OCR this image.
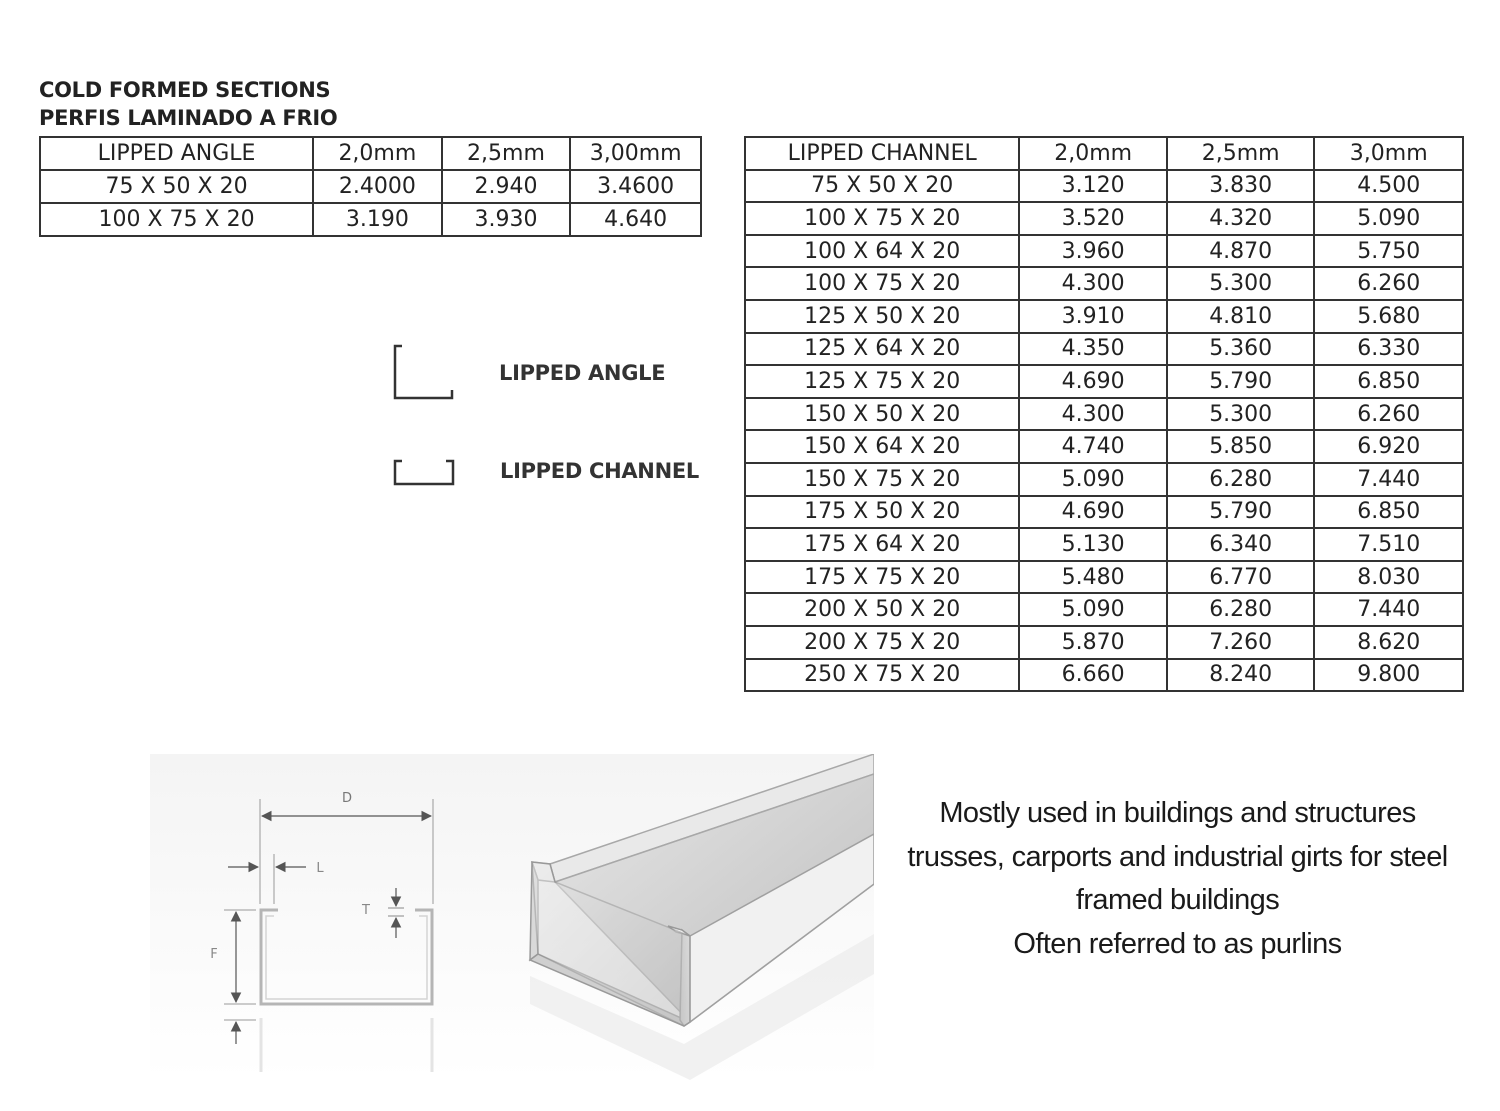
COLD FORMED SECTIONS
PERFIS LAMINADO A FRIO
LIPPED ANGLE	2,0mm	2,5mm	3,00mm
75 X 50 X 20	2.4000	2.940	3.4600
100 X 75 X 20	3.190	3.930	4.640
LIPPED CHANNEL	2,0mm	2,5mm	3,0mm
75 X 50 X 20	3.120	3.830	4.500
100 X 75 X 20	3.520	4.320	5.090
100 X 64 X 20	3.960	4.870	5.750
100 X 75 X 20	4.300	5.300	6.260
125 X 50 X 20	3.910	4.810	5.680
125 X 64 X 20	4.350	5.360	6.330
125 X 75 X 20	4.690	5.790	6.850
150 X 50 X 20	4.300	5.300	6.260
150 X 64 X 20	4.740	5.850	6.920
150 X 75 X 20	5.090	6.280	7.440
175 X 50 X 20	4.690	5.790	6.850
175 X 64 X 20	5.130	6.340	7.510
175 X 75 X 20	5.480	6.770	8.030
200 X 50 X 20	5.090	6.280	7.440
200 X 75 X 20	5.870	7.260	8.620
250 X 75 X 20	6.660	8.240	9.800
LIPPED ANGLE
LIPPED CHANNEL
D
L
T
F
Mostly used in buildings and structures
trusses, carports and industrial girts for steel
framed buildings
Often referred to as purlins
